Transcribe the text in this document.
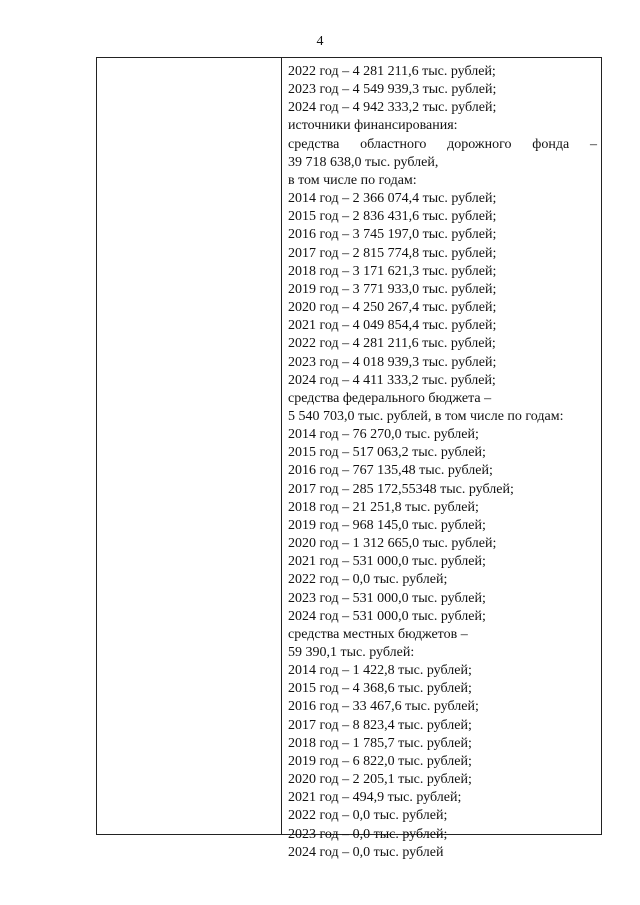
4
2022 год – 4 281 211,6 тыс. рублей;
2023 год – 4 549 939,3 тыс. рублей;
2024 год – 4 942 333,2 тыс. рублей;
источники финансирования:
средства областного дорожного фонда –
39 718 638,0 тыс. рублей,
в том числе по годам:
2014 год – 2 366 074,4 тыс. рублей;
2015 год – 2 836 431,6 тыс. рублей;
2016 год – 3 745 197,0 тыс. рублей;
2017 год – 2 815 774,8 тыс. рублей;
2018 год – 3 171 621,3 тыс. рублей;
2019 год – 3 771 933,0 тыс. рублей;
2020 год – 4 250 267,4 тыс. рублей;
2021 год – 4 049 854,4 тыс. рублей;
2022 год – 4 281 211,6 тыс. рублей;
2023 год – 4 018 939,3 тыс. рублей;
2024 год – 4 411 333,2 тыс. рублей;
средства федерального бюджета –
5 540 703,0 тыс. рублей, в том числе по годам:
2014 год – 76 270,0 тыс. рублей;
2015 год – 517 063,2 тыс. рублей;
2016 год – 767 135,48 тыс. рублей;
2017 год – 285 172,55348 тыс. рублей;
2018 год – 21 251,8 тыс. рублей;
2019 год – 968 145,0 тыс. рублей;
2020 год – 1 312 665,0 тыс. рублей;
2021 год – 531 000,0 тыс. рублей;
2022 год – 0,0 тыс. рублей;
2023 год – 531 000,0 тыс. рублей;
2024 год – 531 000,0 тыс. рублей;
средства местных бюджетов –
59 390,1 тыс. рублей:
2014 год – 1 422,8 тыс. рублей;
2015 год – 4 368,6 тыс. рублей;
2016 год – 33 467,6 тыс. рублей;
2017 год – 8 823,4 тыс. рублей;
2018 год – 1 785,7 тыс. рублей;
2019 год – 6 822,0 тыс. рублей;
2020 год – 2 205,1 тыс. рублей;
2021 год – 494,9 тыс. рублей;
2022 год – 0,0 тыс. рублей;
2023 год – 0,0 тыс. рублей;
2024 год – 0,0 тыс. рублей
